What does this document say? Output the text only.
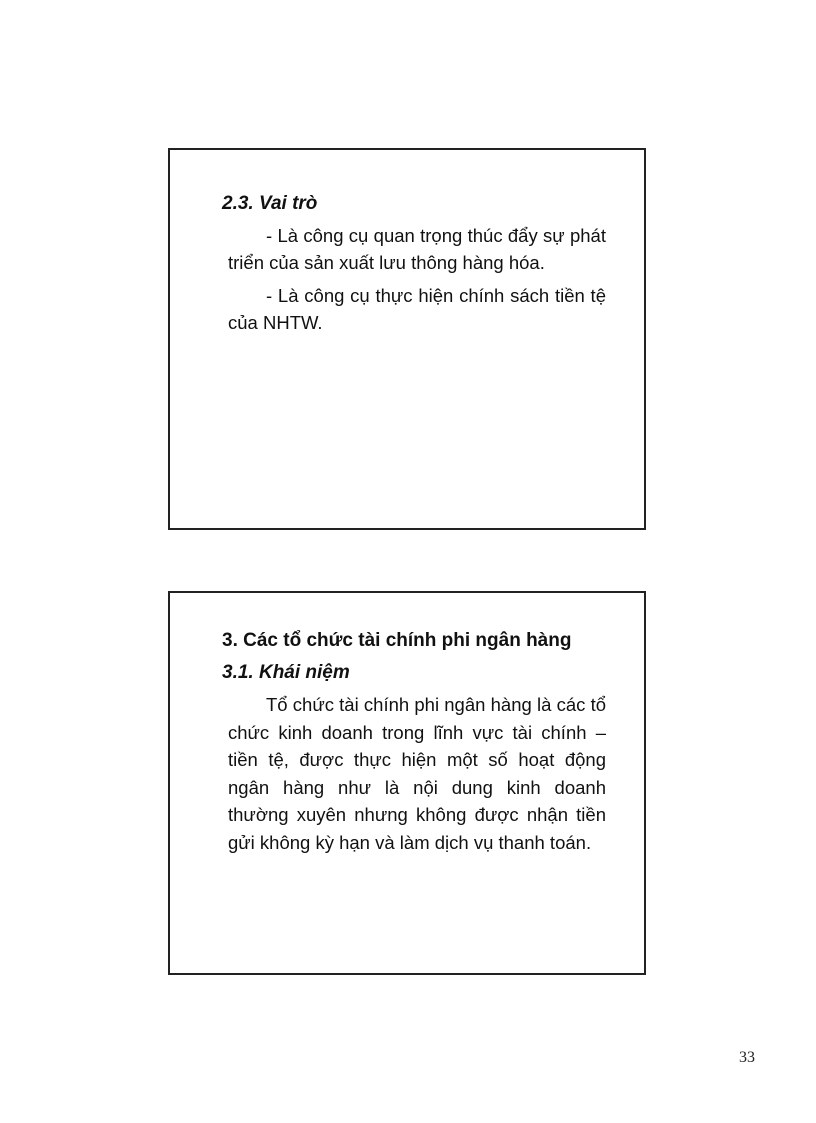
2.3. Vai trò

- Là công cụ quan trọng thúc đẩy sự phát triển của sản xuất lưu thông hàng hóa.

- Là công cụ thực hiện chính sách tiền tệ của NHTW.

3. Các tổ chức tài chính phi ngân hàng
3.1. Khái niệm

Tổ chức tài chính phi ngân hàng là các tổ chức kinh doanh trong lĩnh vực tài chính – tiền tệ, được thực hiện một số hoạt động ngân hàng như là nội dung kinh doanh thường xuyên nhưng không được nhận tiền gửi không kỳ hạn và làm dịch vụ thanh toán.

33
